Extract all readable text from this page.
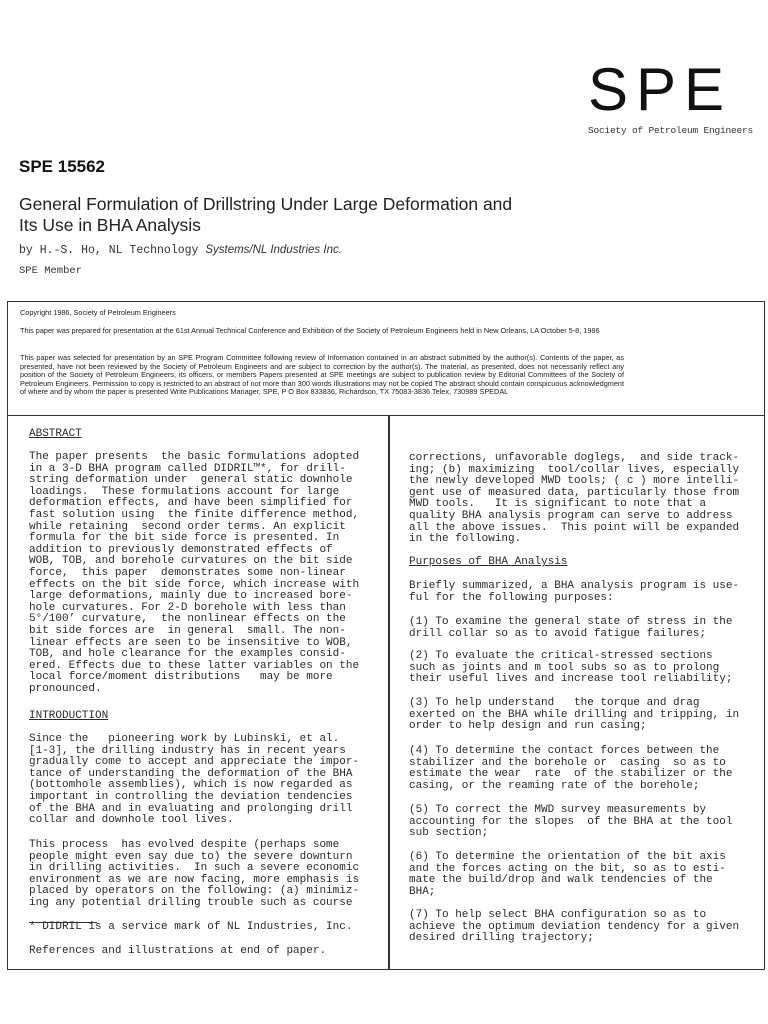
SPE
Society of Petroleum Engineers
SPE 15562
General Formulation of Drillstring Under Large Deformation and
Its Use in BHA Analysis
by H.-S. Ho, NL Technology Systems/NL Industries Inc.
SPE Member

Copyright 1986, Society of Petroleum Engineers

This paper was prepared for presentation at the 61st Annual Technical Conference and Exhibition of the Society of Petroleum Engineers held in New Orleans, LA October 5-8, 1986

This paper was selected for presentation by an SPE Program Committee following review of Information contained in an abstract submitted by the author(s). Contents of the paper, as presented, have not been reviewed by the Society of Petroleum Engineers and are subject to correction by the author(s). The material, as presented, does not necessarily reflect any position of the Society of Petroleum Engineers, its officers, or members Papers presented at SPE meetings are subject to publication review by Editorial Committees of the Society of Petroleum Engineers. Permission to copy is restricted to an abstract of not more than 300 words Illustrations may not be copied The abstract should contain conspicuous acknowledgment of where and by whom the paper is presented Write Publications Manager, SPE, P O Box 833836, Richardson, TX 75083-3836 Telex, 730989 SPEDAL

ABSTRACT

The paper presents  the basic formulations adopted
in a 3-D BHA program called DIDRIL™*, for drill-
string deformation under  general static downhole
loadings.  These formulations account for large
deformation effects, and have been simplified for
fast solution using  the finite difference method,
while retaining  second order terms. An explicit
formula for the bit side force is presented. In
addition to previously demonstrated effects of
WOB, TOB, and borehole curvatures on the bit side
force,  this paper  demonstrates some non-linear
effects on the bit side force, which increase with
large deformations, mainly due to increased bore-
hole curvatures. For 2-D borehole with less than
5°/100’ curvature,  the nonlinear effects on the
bit side forces are  in general  small. The non-
linear effects are seen to be insensitive to WOB,
TOB, and hole clearance for the examples consid-
ered. Effects due to these latter variables on the
local force/moment distributions   may be more
pronounced.

INTRODUCTION

Since the   pioneering work by Lubinski, et al.
[1-3], the drilling industry has in recent years
gradually come to accept and appreciate the impor-
tance of understanding the deformation of the BHA
(bottomhole assemblies), which is now regarded as
important in controlling the deviation tendencies
of the BHA and in evaluating and prolonging drill
collar and downhole tool lives.

This process  has evolved despite (perhaps some
people might even say due to) the severe downturn
in drilling activities.  In such a severe economic
environment as we are now facing, more emphasis is
placed by operators on the following: (a) minimiz-
ing any potential drilling trouble such as course

* DIDRIL is a service mark of NL Industries, Inc.

References and illustrations at end of paper.

corrections, unfavorable doglegs,  and side track-
ing; (b) maximizing  tool/collar lives, especially
the newly developed MWD tools; ( c ) more intelli-
gent use of measured data, particularly those from
MWD tools.   It is significant to note that a
quality BHA analysis program can serve to address
all the above issues.  This point will be expanded
in the following.

Purposes of BHA Analysis

Briefly summarized, a BHA analysis program is use-
ful for the following purposes:

(1) To examine the general state of stress in the
drill collar so as to avoid fatigue failures;

(2) To evaluate the critical-stressed sections
such as joints and m tool subs so as to prolong
their useful lives and increase tool reliability;

(3) To help understand   the torque and drag
exerted on the BHA while drilling and tripping, in
order to help design and run casing;

(4) To determine the contact forces between the
stabilizer and the borehole or  casing  so as to
estimate the wear  rate  of the stabilizer or the
casing, or the reaming rate of the borehole;

(5) To correct the MWD survey measurements by
accounting for the slopes  of the BHA at the tool
sub section;

(6) To determine the orientation of the bit axis
and the forces acting on the bit, so as to esti-
mate the build/drop and walk tendencies of the
BHA;

(7) To help select BHA configuration so as to
achieve the optimum deviation tendency for a given
desired drilling trajectory;
